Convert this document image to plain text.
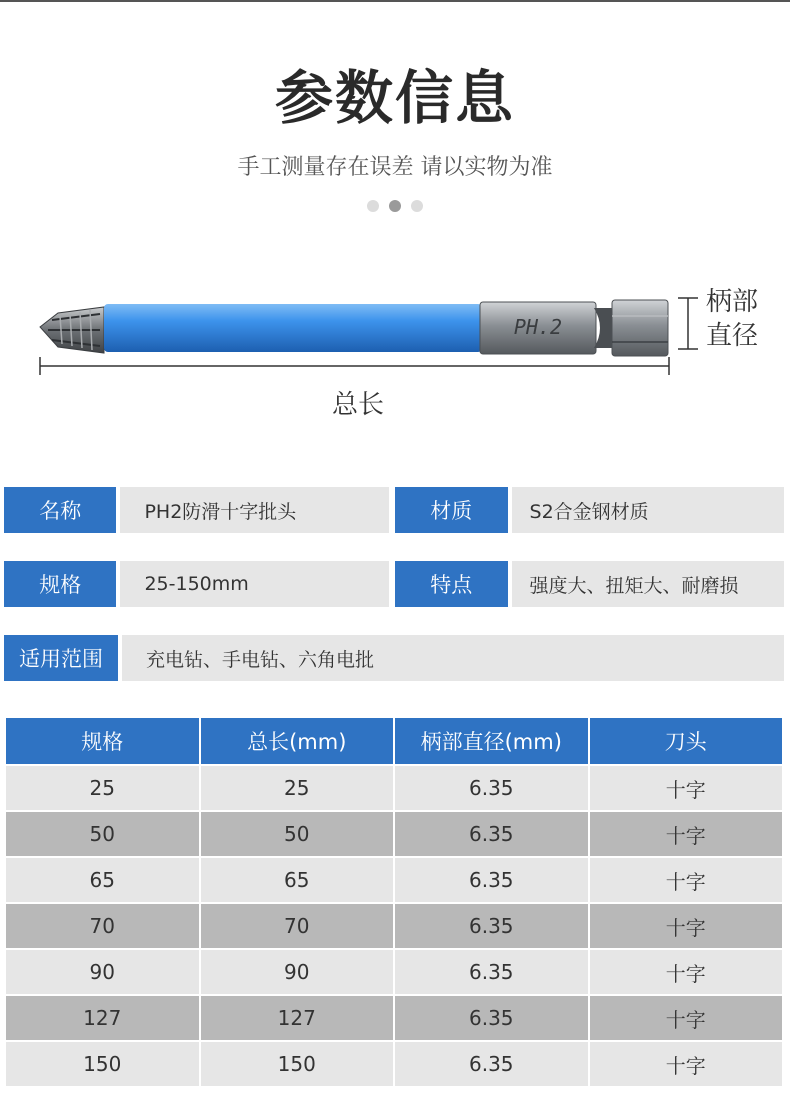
参数信息
手工测量存在误差 请以实物为准
PH.2
柄部
直径
总长
名称	PH2防滑十字批头	材质	S2合金钢材质
规格	25-150mm	特点	强度大、扭矩大、耐磨损
适用范围	充电钻、手电钻、六角电批
规格	总长(mm)	柄部直径(mm)	刀头
25	25	6.35	十字
50	50	6.35	十字
65	65	6.35	十字
70	70	6.35	十字
90	90	6.35	十字
127	127	6.35	十字
150	150	6.35	十字
